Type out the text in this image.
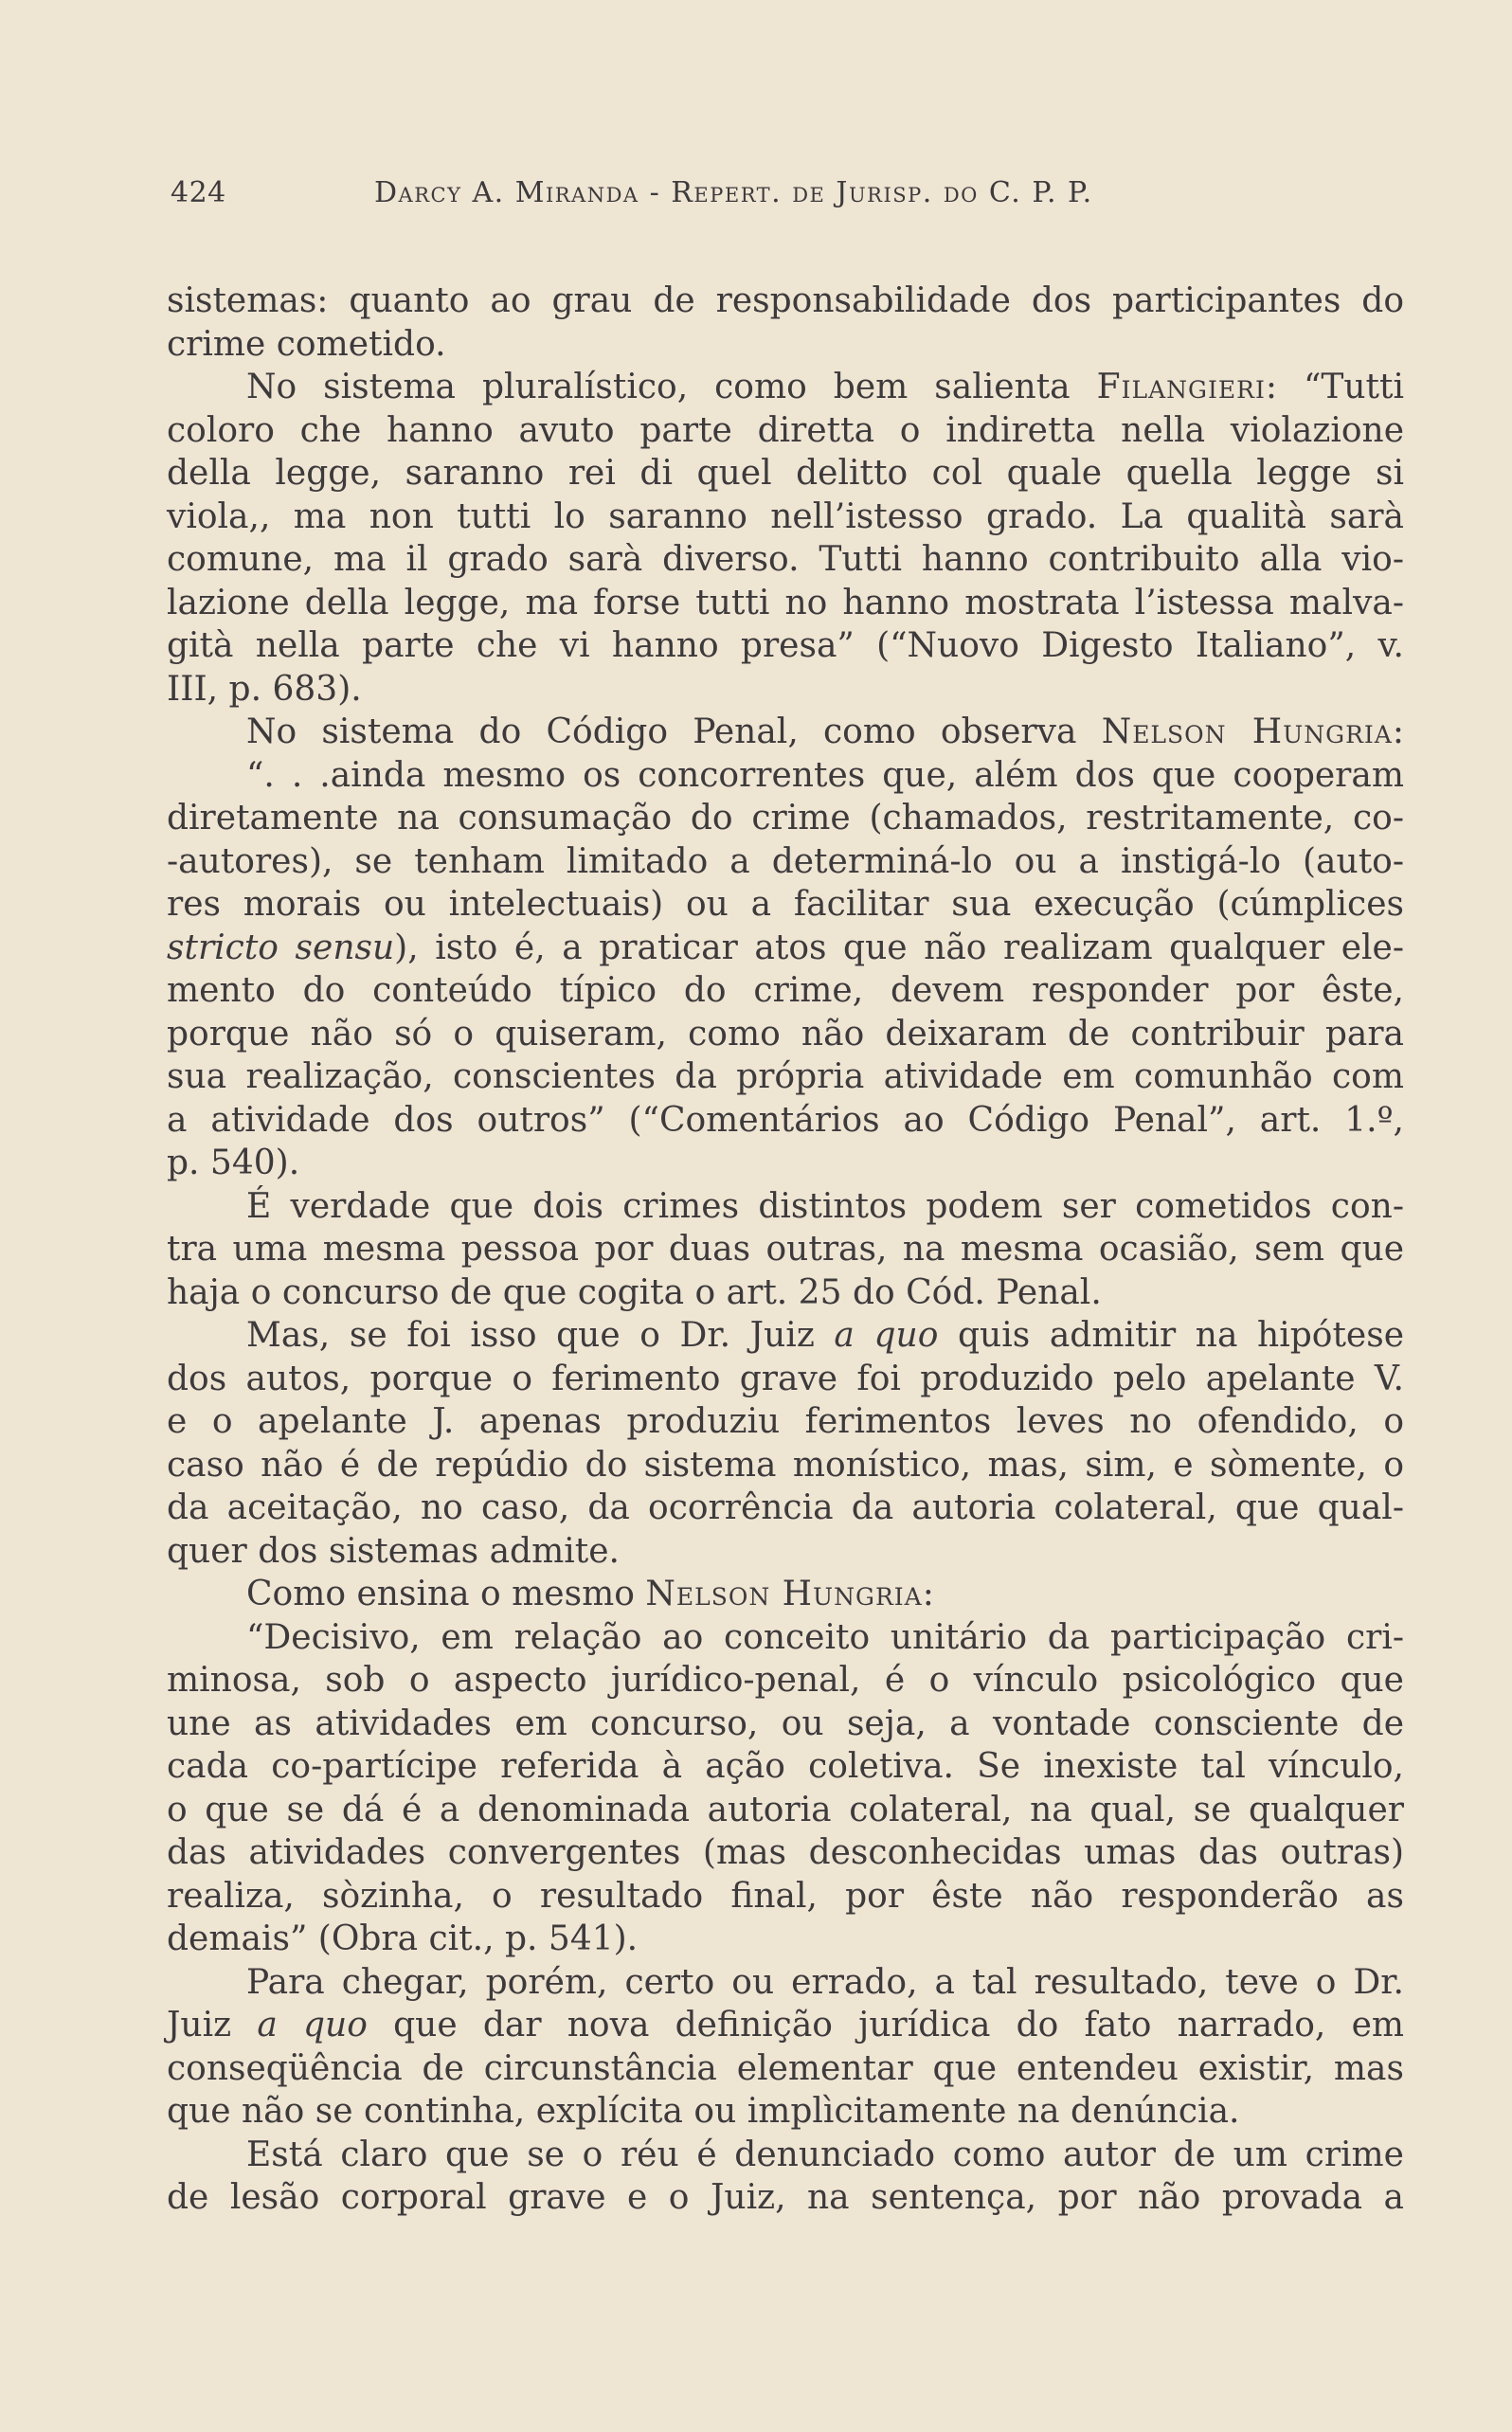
424	Darcy A. Miranda - Repert. de Jurisp. do C. P. P.
sistemas: quanto ao grau de responsabilidade dos participantes do
crime cometido.
No sistema pluralístico, como bem salienta Filangieri: “Tutti
coloro che hanno avuto parte diretta o indiretta nella violazione
della legge, saranno rei di quel delitto col quale quella legge si
viola,, ma non tutti lo saranno nell’istesso grado. La qualità sarà
comune, ma il grado sarà diverso. Tutti hanno contribuito alla vio-
lazione della legge, ma forse tutti no hanno mostrata l’istessa malva-
gità nella parte che vi hanno presa” (“Nuovo Digesto Italiano”, v.
III, p. 683).
No sistema do Código Penal, como observa Nelson Hungria:
“. . .ainda mesmo os concorrentes que, além dos que cooperam
diretamente na consumação do crime (chamados, restritamente, co-
-autores), se tenham limitado a determiná-lo ou a instigá-lo (auto-
res morais ou intelectuais) ou a facilitar sua execução (cúmplices
stricto sensu), isto é, a praticar atos que não realizam qualquer ele-
mento do conteúdo típico do crime, devem responder por êste,
porque não só o quiseram, como não deixaram de contribuir para
sua realização, conscientes da própria atividade em comunhão com
a atividade dos outros” (“Comentários ao Código Penal”, art. 1.º,
p. 540).
É verdade que dois crimes distintos podem ser cometidos con-
tra uma mesma pessoa por duas outras, na mesma ocasião, sem que
haja o concurso de que cogita o art. 25 do Cód. Penal.
Mas, se foi isso que o Dr. Juiz a quo quis admitir na hipótese
dos autos, porque o ferimento grave foi produzido pelo apelante V.
e o apelante J. apenas produziu ferimentos leves no ofendido, o
caso não é de repúdio do sistema monístico, mas, sim, e sòmente, o
da aceitação, no caso, da ocorrência da autoria colateral, que qual-
quer dos sistemas admite.
Como ensina o mesmo Nelson Hungria:
“Decisivo, em relação ao conceito unitário da participação cri-
minosa, sob o aspecto jurídico-penal, é o vínculo psicológico que
une as atividades em concurso, ou seja, a vontade consciente de
cada co-partícipe referida à ação coletiva. Se inexiste tal vínculo,
o que se dá é a denominada autoria colateral, na qual, se qualquer
das atividades convergentes (mas desconhecidas umas das outras)
realiza, sòzinha, o resultado final, por êste não responderão as
demais” (Obra cit., p. 541).
Para chegar, porém, certo ou errado, a tal resultado, teve o Dr.
Juiz a quo que dar nova definição jurídica do fato narrado, em
conseqüência de circunstância elementar que entendeu existir, mas
que não se continha, explícita ou implìcitamente na denúncia.
Está claro que se o réu é denunciado como autor de um crime
de lesão corporal grave e o Juiz, na sentença, por não provada a
